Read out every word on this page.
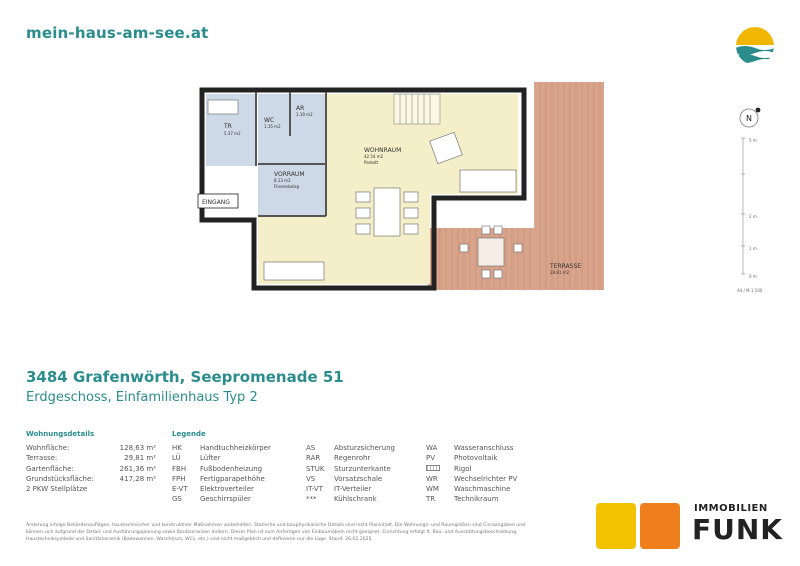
mein-haus-am-see.at
TR
5.37 m2
AR
1.19 m2
WC
1.35 m2
VORRAUM
8.13 m2
Fliesenbelag
WOHNRAUM
42.54 m2
Parkett
TERRASSE
28.81 m2
EINGANG
N
5 m
2 m
1 m
0 m
A4 / M 1:100
3484 Grafenwörth, Seepromenade 51
Erdgeschoss, Einfamilienhaus Typ 2
Wohnungsdetails	Legende
Wohnfläche:	128,63 m²
Terrasse:	29,81 m²
Gartenfläche:	261,36 m²
Grundstücksfläche:	417,28 m²
2 PKW Stellplätze
HK	Handtuchheizkörper
LÜ	Lüfter
FBH	Fußbodenheizung
FPH	Fertigparapethöhe
E-VT	Elektroverteiler
GS	Geschirrspüler
AS	Absturzsicherung
RAR	Regenrohr
STUK	Sturzunterkante
VS	Vorsatzschale
IT-VT	IT-Verteiler
***	Kühlschrank
WA	Wasseranschluss
PV	Photovoltaik
Rigol
WR	Wechselrichter PV
WM	Waschmaschine
TR	Technikraum
Änderung infolge Behördenauflagen, haustechnischer und konstruktiver Maßnahmen vorbehalten. Statische und bauphysikalische Details sind nicht Planinhalt. Die Wohnungs- und Raumgrößen sind Circaangaben und können sich aufgrund der Detail- und Ausführungsplanung sowie Bautoleranzen ändern. Dieser Plan ist zum Anfertigen von Einbaumöbeln nicht geeignet. Einrichtung erfolgt lt. Bau- und Ausstattungsbeschreibung. Haustechniksymbole und Sanitärkeramik (Badewannen, Waschtisch, WCs, etc.) sind nicht maßgeblich und definieren nur die Lage. Stand: 26.02.2025
IMMOBILIEN
FUNK
